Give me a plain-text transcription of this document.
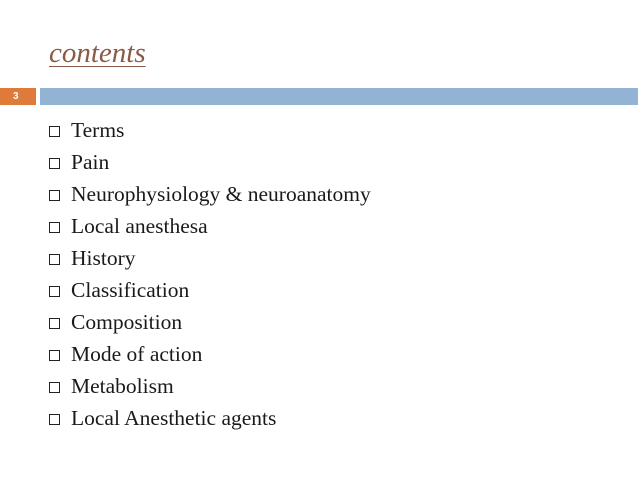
contents
3
Terms
Pain
Neurophysiology & neuroanatomy
Local anesthesa
History
Classification
Composition
Mode of action
Metabolism
Local Anesthetic agents
